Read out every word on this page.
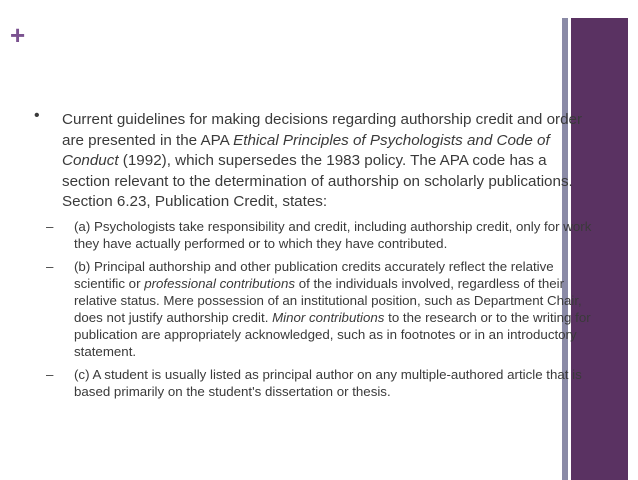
+
• Current guidelines for making decisions regarding authorship credit and order are presented in the APA Ethical Principles of Psychologists and Code of Conduct (1992), which supersedes the 1983 policy. The APA code has a section relevant to the determination of authorship on scholarly publications. Section 6.23, Publication Credit, states:
– (a) Psychologists take responsibility and credit, including authorship credit, only for work they have actually performed or to which they have contributed.
– (b) Principal authorship and other publication credits accurately reflect the relative scientific or professional contributions of the individuals involved, regardless of their relative status. Mere possession of an institutional position, such as Department Chair, does not justify authorship credit. Minor contributions to the research or to the writing for publication are appropriately acknowledged, such as in footnotes or in an introductory statement.
– (c) A student is usually listed as principal author on any multiple-authored article that is based primarily on the student's dissertation or thesis.
